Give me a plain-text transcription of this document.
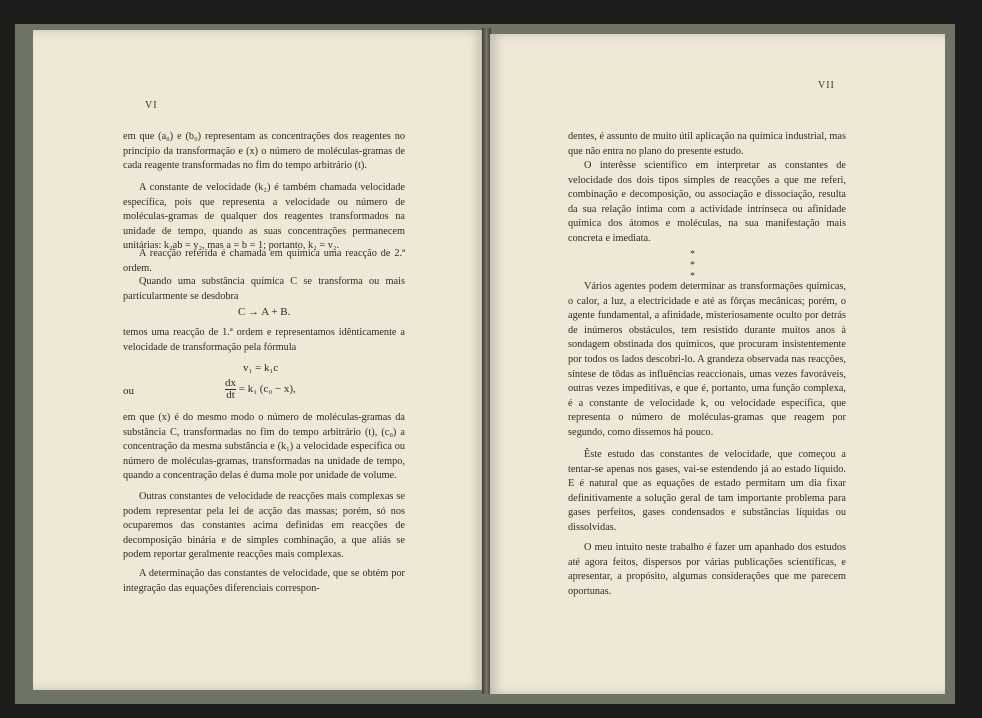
VI

em que (a₀) e (b₀) representam as concentrações dos reagentes no princípio da transformação e (x) o número de moléculas-gramas de cada reagente transformadas no fim do tempo arbitrário (t).

A constante de velocidade (k₂) é também chamada velocidade específica, pois que representa a velocidade ou número de moléculas-gramas de qualquer dos reagentes transformados na unidade de tempo, quando as suas concentrações permanecem unitárias: k₂ab = v₂, mas a = b = 1; portanto, k₂ = v₂.

A reacção referida é chamada em química uma reacção de 2.ª ordem.

Quando uma substância química C se transforma ou mais particularmente se desdobra

C → A + B.

temos uma reacção de 1.ª ordem e representamos idênticamente a velocidade de transformação pela fórmula

v₁ = k₁c
ou	$\frac{dx}{dt} = k_1$ (c₀ − x),

em que (x) é do mesmo modo o número de moléculas-gramas da substância C, transformadas no fim do tempo arbitrário (t), (c₀) a concentração da mesma substância e (k₁) a velocidade específica ou número de moléculas-gramas, transformadas na unidade de tempo, quando a concentração delas é duma mole por unidade de volume.

Outras constantes de velocidade de reacções mais complexas se podem representar pela lei de acção das massas; porém, só nos ocuparemos das constantes acima definidas em reacções de decomposição binária e de simples combinação, a que aliás se podem reportar geralmente reacções mais complexas.

A determinação das constantes de velocidade, que se obtém por integração das equações diferenciais correspon-

VII

dentes, é assunto de muito útil aplicação na química industrial, mas que não entra no plano do presente estudo.

O interêsse scientífico em interpretar as constantes de velocidade dos dois tipos simples de reacções a que me referi, combinação e decomposição, ou associação e dissociação, resulta da sua relação íntima com a actividade intrínseca ou afinidade química dos átomos e moléculas, na sua manifestação mais concreta e imediata.

* * *

Vários agentes podem determinar as transformações químicas, o calor, a luz, a electricidade e até as fôrças mecânicas; porém, o agente fundamental, a afinidade, misteriosamente oculto por detrás de inúmeros obstáculos, tem resistido durante muitos anos à sondagem obstinada dos químicos, que procuram insistentemente por todos os lados descobri-lo. A grandeza observada nas reacções, síntese de tôdas as influências reaccionais, umas vezes favoráveis, outras vezes impeditivas, e que é, portanto, uma função complexa, é a constante de velocidade k, ou velocidade específica, que representa o número de moléculas-gramas que reagem por segundo, como dissemos há pouco.

Êste estudo das constantes de velocidade, que começou a tentar-se apenas nos gases, vai-se estendendo já ao estado líquido. E é natural que as equações de estado permitam um dia fixar definitivamente a solução geral de tam importante problema para gases perfeitos, gases condensados e substâncias líquidas ou dissolvidas.

O meu intuito neste trabalho é fazer um apanhado dos estudos até agora feitos, dispersos por várias publicações scientíficas, e apresentar, a propósito, algumas considerações que me parecem oportunas.
